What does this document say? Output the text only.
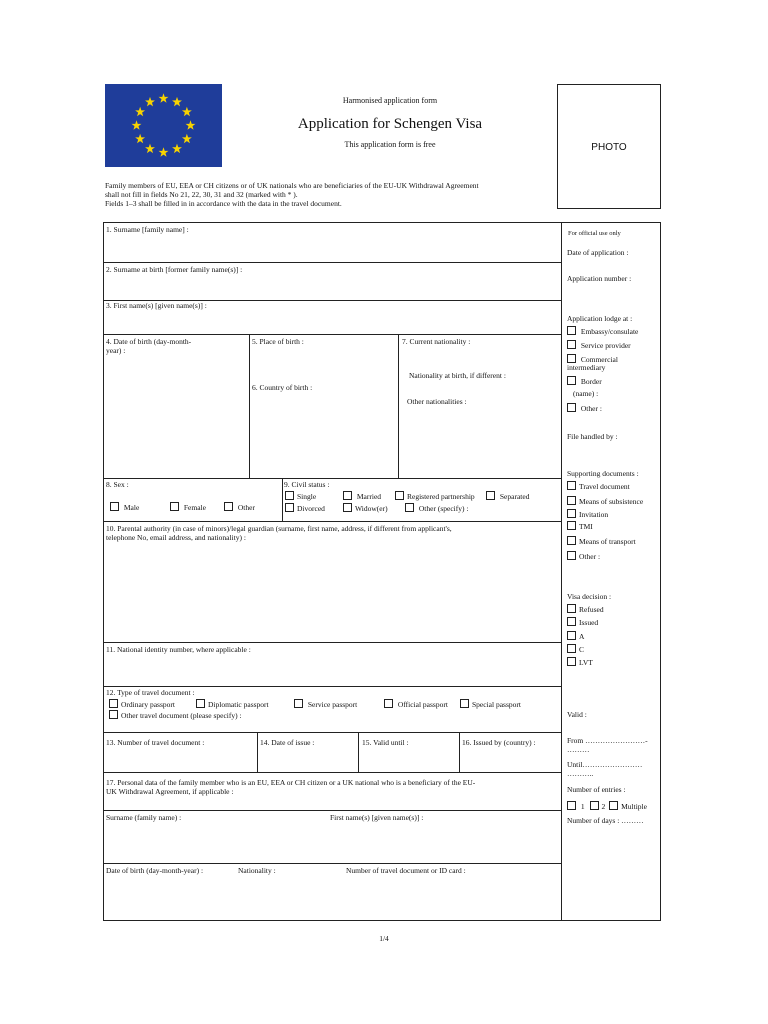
Harmonised application form
Application for Schengen Visa
This application form is free	PHOTO
Family members of EU, EEA or CH citizens or of UK nationals who are beneficiaries of the EU-UK Withdrawal Agreement
shall not fill in fields No 21, 22, 30, 31 and 32 (marked with * ).
Fields 1–3 shall be filled in in accordance with the data in the travel document.
1. Surname [family name] :
2. Surname at birth [former family name(s)] :
3. First name(s) [given name(s)] :
4. Date of birth (day-month-
year) :
5. Place of birth :
6. Country of birth :
7. Current nationality :
Nationality at birth, if different :
Other nationalities :
8. Sex :
Male	Female	Other
9. Civil status :
Single	Married	Registered partnership	Separated
Divorced	Widow(er)	Other (specify) :
10. Parental authority (in case of minors)/legal guardian (surname, first name, address, if different from applicant's,
telephone No, email address, and nationality) :
11. National identity number, where applicable :
12. Type of travel document :
Ordinary passport	Diplomatic passport	Service passport	Official passport	Special passport
Other travel document (please specify) :
13. Number of travel document :	14. Date of issue :	15. Valid until :	16. Issued by (country) :
17. Personal data of the family member who is an EU, EEA or CH citizen or a UK national who is a beneficiary of the EU-
UK Withdrawal Agreement, if applicable :
Surname (family name) :	First name(s) [given name(s)] :
Date of birth (day-month-year) :	Nationality :	Number of travel document or ID card :
For official use only
Date of application :
Application number :
Application lodge at :
Embassy/consulate
Service provider
Commercial
intermediary
Border
(name) :
Other :
File handled by :
Supporting documents :
Travel document
Means of subsistence
Invitation
TMI
Means of transport
Other :
Visa decision :
Refused
Issued
A
C
LVT
Valid :
From ……………………-
………
Until……………………
………..
Number of entries :
1 2 Multiple
Number of days : ………
1/4
